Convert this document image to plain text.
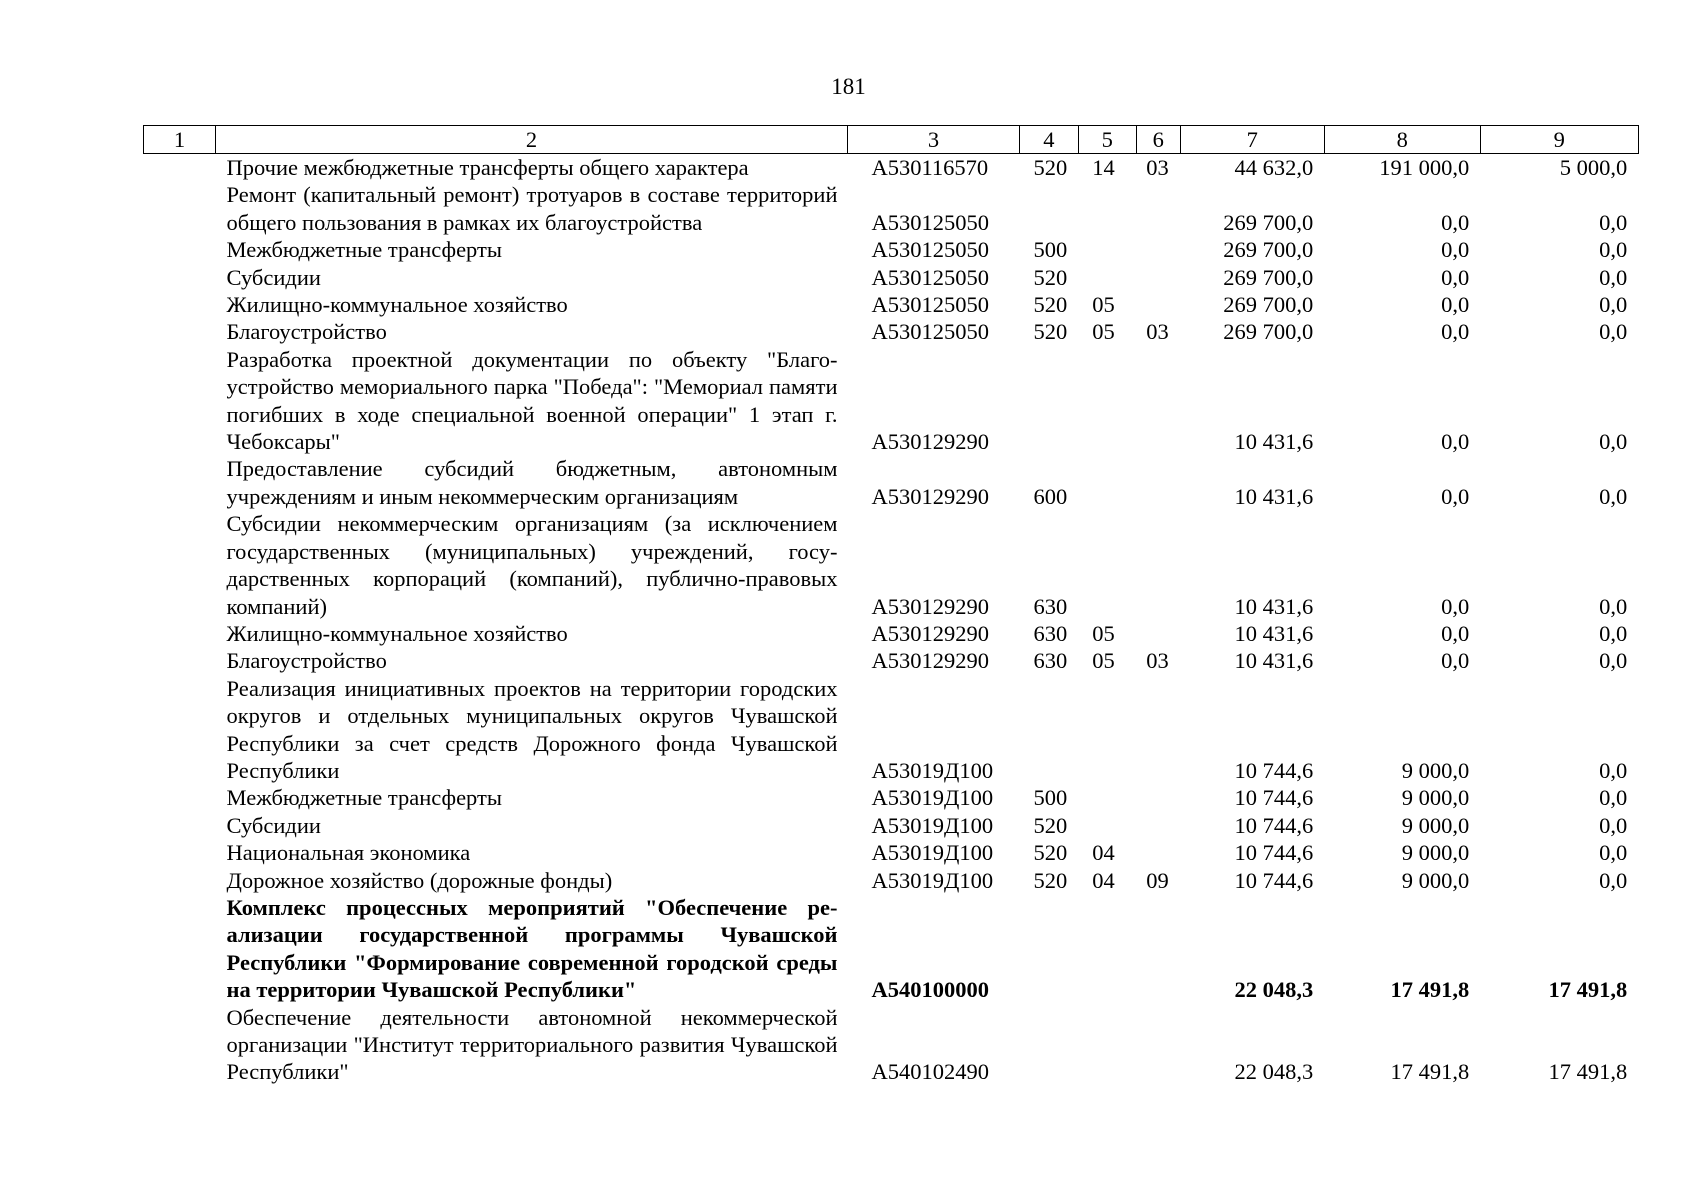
181
1	2	3	4	5	6	7	8	9
	Прочие межбюджетные трансферты общего характера	А530116570	520	14	03	44 632,0	191 000,0	5 000,0
	Ремонт (капитальный ремонт) тротуаров в составе территорий общего пользования в рамках их благоустройства	А530125050				269 700,0	0,0	0,0
	Межбюджетные трансферты	А530125050	500			269 700,0	0,0	0,0
	Субсидии	А530125050	520			269 700,0	0,0	0,0
	Жилищно-коммунальное хозяйство	А530125050	520	05		269 700,0	0,0	0,0
	Благоустройство	А530125050	520	05	03	269 700,0	0,0	0,0
	Разработка проектной документации по объекту "Благоустройство мемориального парка "Победа": "Мемориал памяти погибших в ходе специальной военной операции" 1 этап г. Чебоксары"	А530129290				10 431,6	0,0	0,0
	Предоставление субсидий бюджетным, автономным учреждениям и иным некоммерческим организациям	А530129290	600			10 431,6	0,0	0,0
	Субсидии некоммерческим организациям (за исключением государственных (муниципальных) учреждений, государственных корпораций (компаний), публично-правовых компаний)	А530129290	630			10 431,6	0,0	0,0
	Жилищно-коммунальное хозяйство	А530129290	630	05		10 431,6	0,0	0,0
	Благоустройство	А530129290	630	05	03	10 431,6	0,0	0,0
	Реализация инициативных проектов на территории городских округов и отдельных муниципальных округов Чувашской Республики за счет средств Дорожного фонда Чувашской Республики	А53019Д100				10 744,6	9 000,0	0,0
	Межбюджетные трансферты	А53019Д100	500			10 744,6	9 000,0	0,0
	Субсидии	А53019Д100	520			10 744,6	9 000,0	0,0
	Национальная экономика	А53019Д100	520	04		10 744,6	9 000,0	0,0
	Дорожное хозяйство (дорожные фонды)	А53019Д100	520	04	09	10 744,6	9 000,0	0,0
	Комплекс процессных мероприятий "Обеспечение реализации государственной программы Чувашской Республики "Формирование современной городской среды на территории Чувашской Республики"	А540100000				22 048,3	17 491,8	17 491,8
	Обеспечение деятельности автономной некоммерческой организации "Институт территориального развития Чувашской Республики"	А540102490				22 048,3	17 491,8	17 491,8
